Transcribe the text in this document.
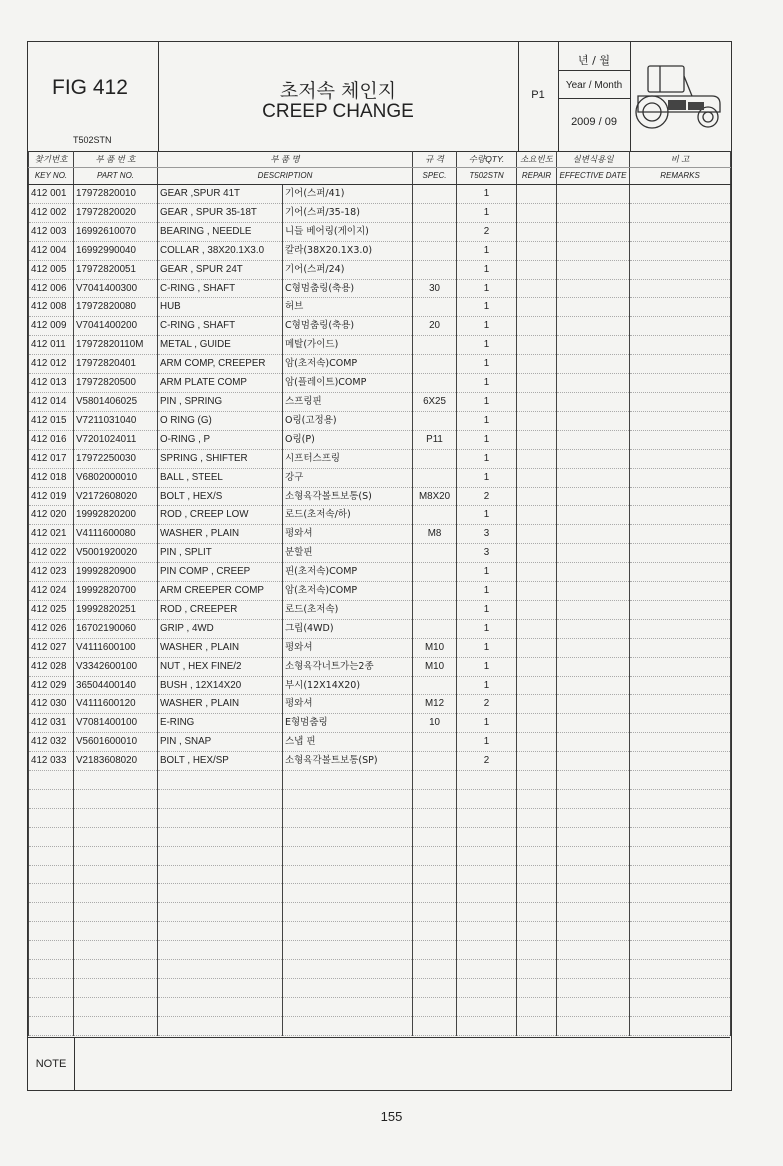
FIG 412
T502STN
초저속 체인지
CREEP CHANGE
P1
년 / 월
Year / Month
2009 / 09
찾기번호	부 품 번 호	부 품 명		규 격	수량QTY.	소요빈도	실변식용일	비 고
KEY NO.	PART NO.	DESCRIPTION		SPEC.	T502STN	REPAIR	EFFECTIVE DATE	REMARKS
412 001	17972820010	GEAR ,SPUR 41T	기어(스퍼/41)		1			
412 002	17972820020	GEAR , SPUR 35-18T	기어(스퍼/35-18)		1			
412 003	16992610070	BEARING , NEEDLE	니들 베어링(게이지)		2			
412 004	16992990040	COLLAR , 38X20.1X3.0	칼라(38X20.1X3.0)		1			
412 005	17972820051	GEAR , SPUR 24T	기어(스퍼/24)		1			
412 006	V7041400300	C-RING , SHAFT	C형멈춤링(축용)	30	1			
412 008	17972820080	HUB	허브		1			
412 009	V7041400200	C-RING , SHAFT	C형멈춤링(축용)	20	1			
412 011	17972820110M	METAL , GUIDE	메탈(가이드)		1			
412 012	17972820401	ARM COMP, CREEPER	암(초저속)COMP		1			
412 013	17972820500	ARM PLATE COMP	암(플레이트)COMP		1			
412 014	V5801406025	PIN , SPRING	스프링핀	6X25	1			
412 015	V7211031040	O RING (G)	O링(고정용)		1			
412 016	V7201024011	O-RING , P	O링(P)	P11	1			
412 017	17972250030	SPRING , SHIFTER	시프터스프링		1			
412 018	V6802000010	BALL , STEEL	강구		1			
412 019	V2172608020	BOLT , HEX/S	소형육각볼트보통(S)	M8X20	2			
412 020	19992820200	ROD , CREEP LOW	로드(초저속/하)		1			
412 021	V4111600080	WASHER , PLAIN	평와셔	M8	3			
412 022	V5001920020	PIN , SPLIT	분할핀		3			
412 023	19992820900	PIN COMP , CREEP	핀(초저속)COMP		1			
412 024	19992820700	ARM CREEPER COMP	암(초저속)COMP		1			
412 025	19992820251	ROD , CREEPER	로드(초저속)		1			
412 026	16702190060	GRIP , 4WD	그립(4WD)		1			
412 027	V4111600100	WASHER , PLAIN	평와셔	M10	1			
412 028	V3342600100	NUT , HEX FINE/2	소형육각너트가는2종	M10	1			
412 029	36504400140	BUSH , 12X14X20	부시(12X14X20)		1			
412 030	V4111600120	WASHER , PLAIN	평와셔	M12	2			
412 031	V7081400100	E-RING	E형멈춤링	10	1			
412 032	V5601600010	PIN , SNAP	스냅 핀		1			
412 033	V2183608020	BOLT , HEX/SP	소형육각볼트보통(SP)		2			

NOTE
155
